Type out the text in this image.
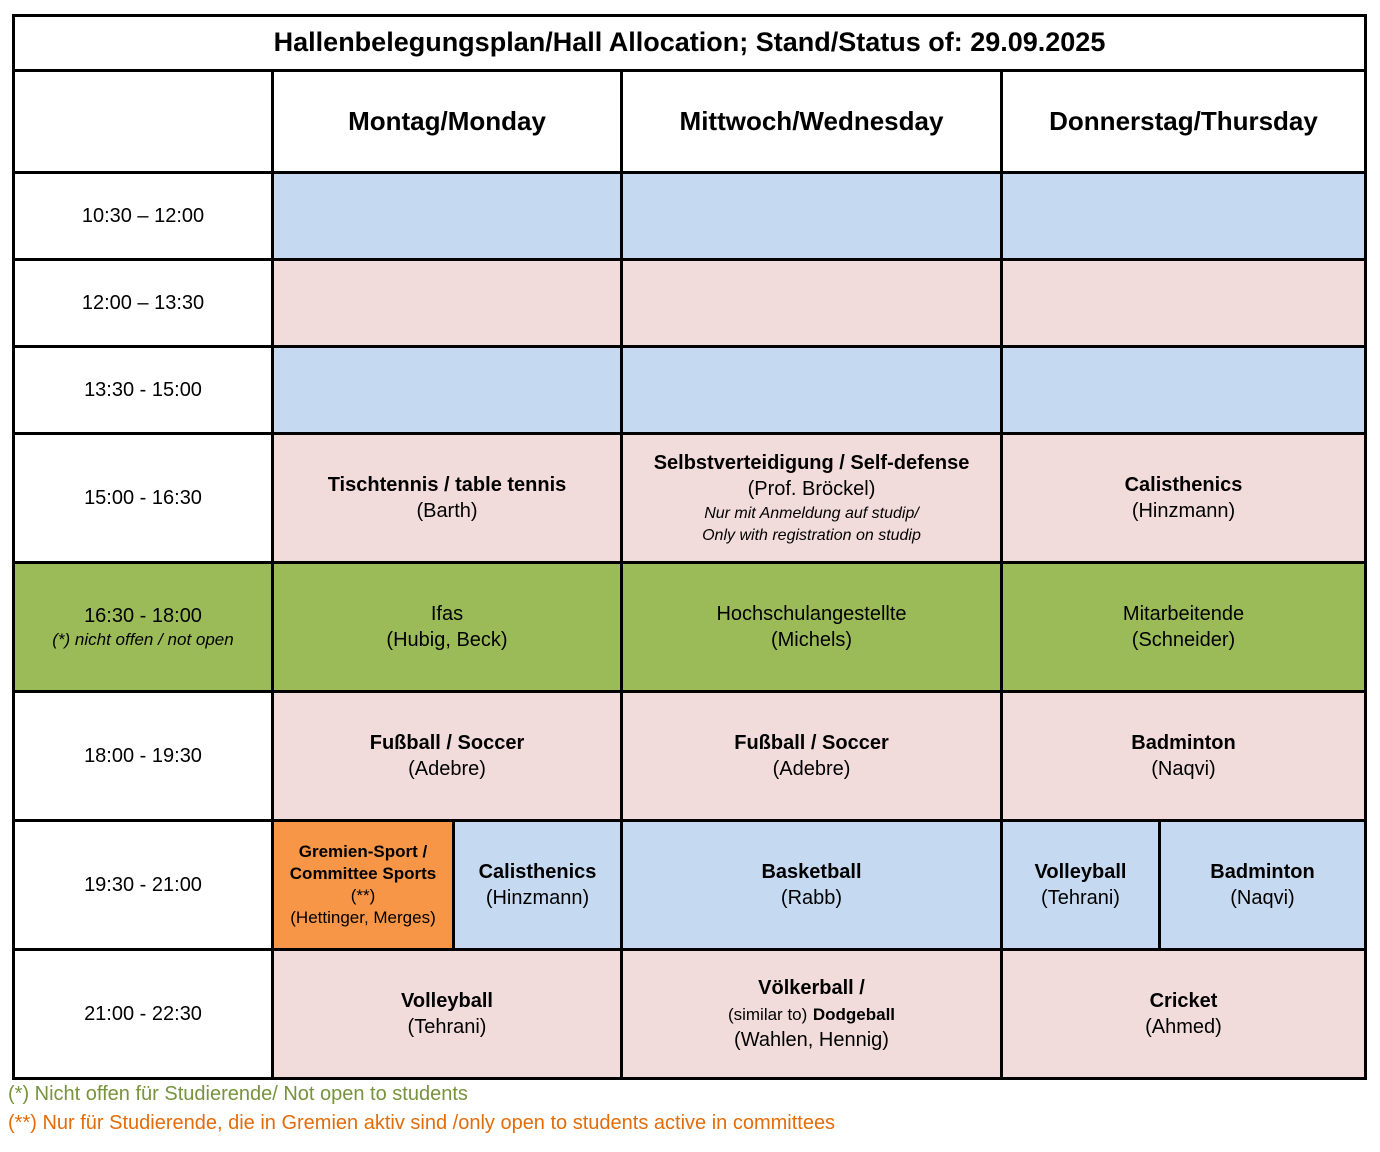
Hallenbelegungsplan/Hall Allocation; Stand/Status of: 29.09.2025
Montag/Monday	Mittwoch/Wednesday	Donnerstag/Thursday
10:30 – 12:00
12:00 – 13:30
13:30 - 15:00
15:00 - 16:30
Tischtennis / table tennis
(Barth)
Selbstverteidigung / Self-defense
(Prof. Bröckel)
Nur mit Anmeldung auf studip/
Only with registration on studip
Calisthenics
(Hinzmann)
16:30 - 18:00
(*) nicht offen / not open
Ifas
(Hubig, Beck)
Hochschulangestellte
(Michels)
Mitarbeitende
(Schneider)
18:00 - 19:30
Fußball / Soccer
(Adebre)
Fußball / Soccer
(Adebre)
Badminton
(Naqvi)
19:30 - 21:00
Gremien-Sport /
Committee Sports
(**)
(Hettinger, Merges)
Calisthenics
(Hinzmann)
Basketball
(Rabb)
Volleyball
(Tehrani)
Badminton
(Naqvi)
21:00 - 22:30
Volleyball
(Tehrani)
Völkerball /
(similar to) Dodgeball
(Wahlen, Hennig)
Cricket
(Ahmed)
(*) Nicht offen für Studierende/ Not open to students
(**) Nur für Studierende, die in Gremien aktiv sind /only open to students active in committees
